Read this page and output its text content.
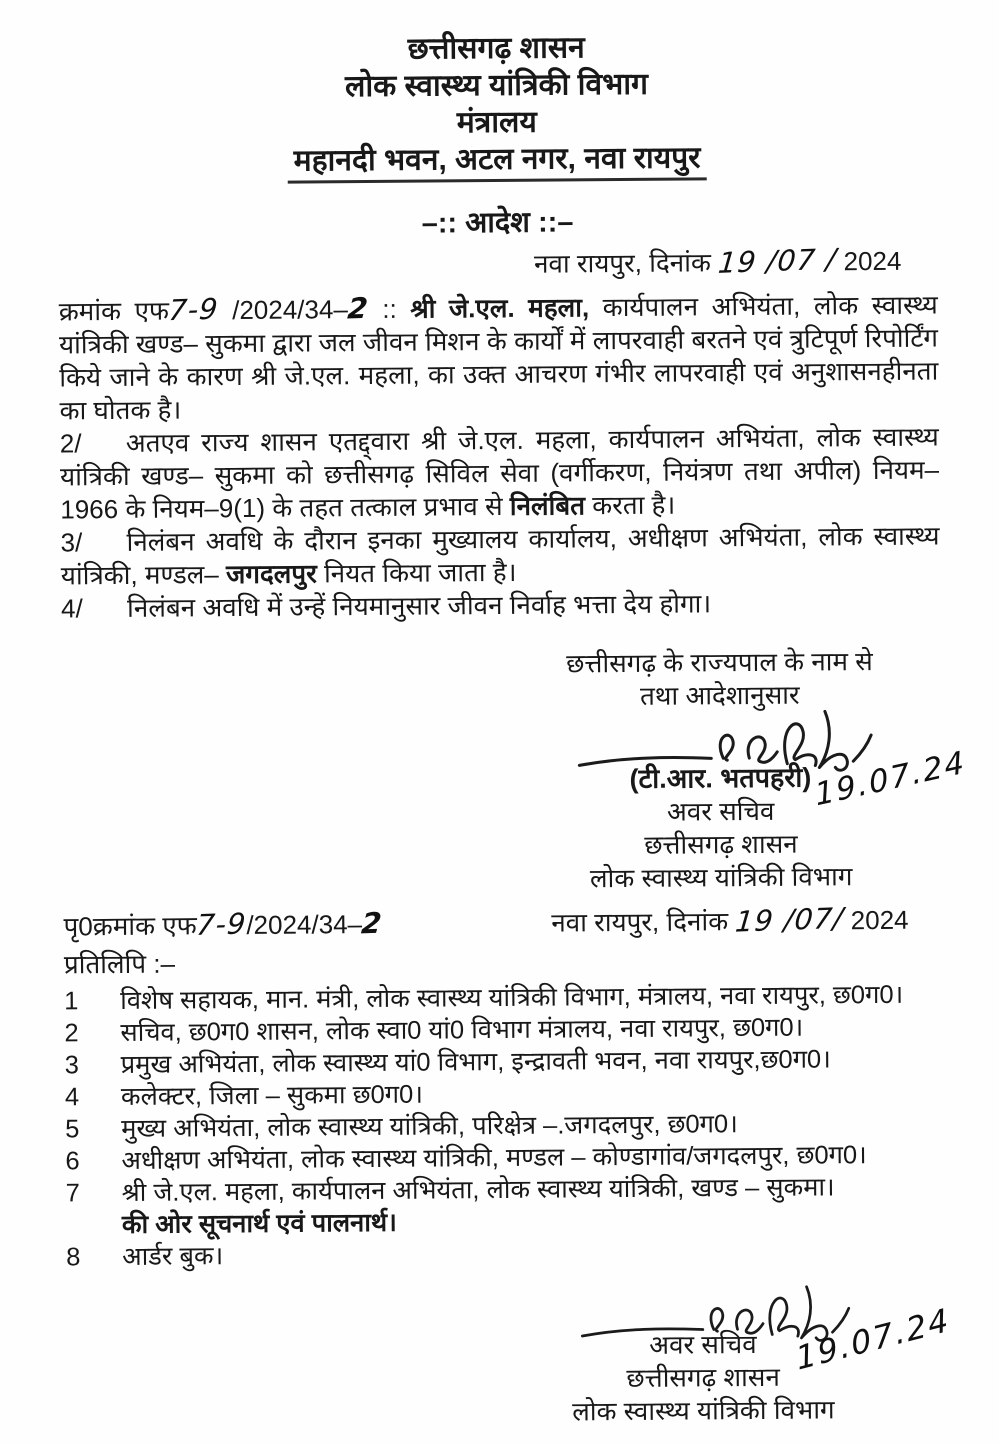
छत्तीसगढ़ शासन
लोक स्वास्थ्य यांत्रिकी विभाग
मंत्रालय
महानदी भवन, अटल नगर, नवा रायपुर
–:: आदेश ::–
नवा रायपुर, दिनांक 19 /07 / 2024

क्रमांक एफ7-9 /2024/34–2 :: श्री जे.एल. महला, कार्यपालन अभियंता, लोक स्वास्थ्य यांत्रिकी खण्ड– सुकमा द्वारा जल जीवन मिशन के कार्यों में लापरवाही बरतने एवं त्रुटिपूर्ण रिपोर्टिंग किये जाने के कारण श्री जे.एल. महला, का उक्त आचरण गंभीर लापरवाही एवं अनुशासनहीनता का घोतक है।

2/ अतएव राज्य शासन एतद्द्वारा श्री जे.एल. महला, कार्यपालन अभियंता, लोक स्वास्थ्य यांत्रिकी खण्ड– सुकमा को छत्तीसगढ़ सिविल सेवा (वर्गीकरण, नियंत्रण तथा अपील) नियम–1966 के नियम–9(1) के तहत तत्काल प्रभाव से निलंबित करता है।

3/ निलंबन अवधि के दौरान इनका मुख्यालय कार्यालय, अधीक्षण अभियंता, लोक स्वास्थ्य यांत्रिकी, मण्डल– जगदलपुर नियत किया जाता है।

4/ निलंबन अवधि में उन्हें नियमानुसार जीवन निर्वाह भत्ता देय होगा।

छत्तीसगढ़ के राज्यपाल के नाम से
तथा आदेशानुसार
19.07.24
(टी.आर. भतपहरी)
अवर सचिव
छत्तीसगढ़ शासन
लोक स्वास्थ्य यांत्रिकी विभाग
पृ0क्रमांक एफ7-9/2024/34–2	नवा रायपुर, दिनांक 19 /07/ 2024
प्रतिलिपि :–
1	विशेष सहायक, मान. मंत्री, लोक स्वास्थ्य यांत्रिकी विभाग, मंत्रालय, नवा रायपुर, छ0ग0।
2	सचिव, छ0ग0 शासन, लोक स्वा0 यां0 विभाग मंत्रालय, नवा रायपुर, छ0ग0।
3	प्रमुख अभियंता, लोक स्वास्थ्य यां0 विभाग, इन्द्रावती भवन, नवा रायपुर,छ0ग0।
4	कलेक्टर, जिला – सुकमा छ0ग0।
5	मुख्य अभियंता, लोक स्वास्थ्य यांत्रिकी, परिक्षेत्र –.जगदलपुर, छ0ग0।
6	अधीक्षण अभियंता, लोक स्वास्थ्य यांत्रिकी, मण्डल – कोण्डागांव/जगदलपुर, छ0ग0।
7	श्री जे.एल. महला, कार्यपालन अभियंता, लोक स्वास्थ्य यांत्रिकी, खण्ड – सुकमा।
की ओर सूचनार्थ एवं पालनार्थ।
8	आर्डर बुक।
19.07.24
अवर सचिव
छत्तीसगढ़ शासन
लोक स्वास्थ्य यांत्रिकी विभाग
